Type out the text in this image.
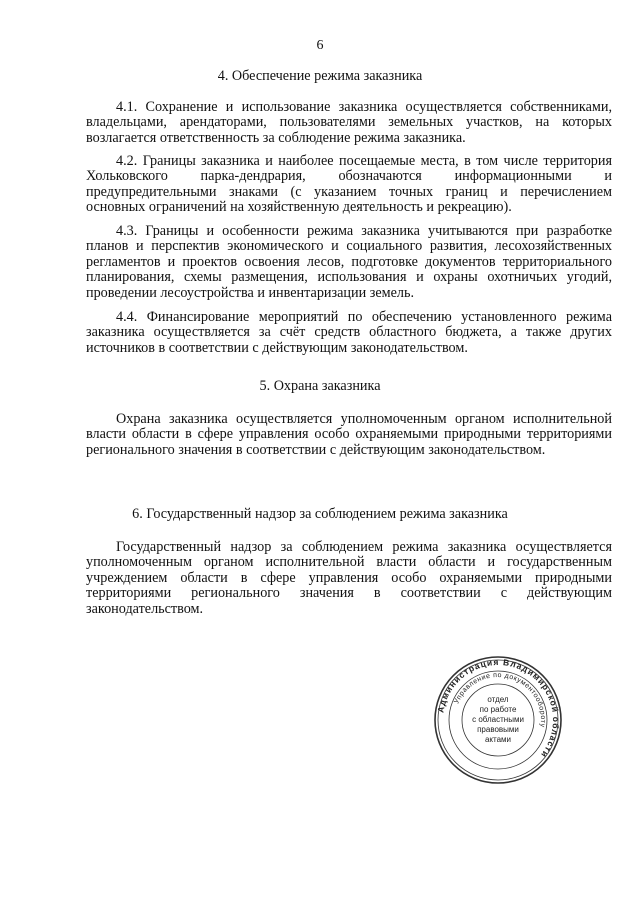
6
4. Обеспечение режима заказника

4.1. Сохранение и использование заказника осуществляется собственниками, владельцами, арендаторами, пользователями земельных участков, на которых возлагается ответственность за соблюдение режима заказника.

4.2. Границы заказника и наиболее посещаемые места, в том числе территория Хольковского парка-дендрария, обозначаются информационными и предупредительными знаками (с указанием точных границ и перечислением основных ограничений на хозяйственную деятельность и рекреацию).

4.3. Границы и особенности режима заказника учитываются при разработке планов и перспектив экономического и социального развития, лесохозяйственных регламентов и проектов освоения лесов, подготовке документов территориального планирования, схемы размещения, использования и охраны охотничьих угодий, проведении лесоустройства и инвентаризации земель.

4.4. Финансирование мероприятий по обеспечению установленного режима заказника осуществляется за счёт средств областного бюджета, а также других источников в соответствии с действующим законодательством.

5. Охрана заказника

Охрана заказника осуществляется уполномоченным органом исполнительной власти области в сфере управления особо охраняемыми природными территориями регионального значения в соответствии с действующим законодательством.

6. Государственный надзор за соблюдением режима заказника

Государственный надзор за соблюдением режима заказника осуществляется уполномоченным органом исполнительной власти области и государственным учреждением области в сфере управления особо охраняемыми природными территориями регионального значения в соответствии с действующим законодательством.

Администрация Владимирской области
Управление по документообороту
отдел
по работе
с областными
правовыми
актами
